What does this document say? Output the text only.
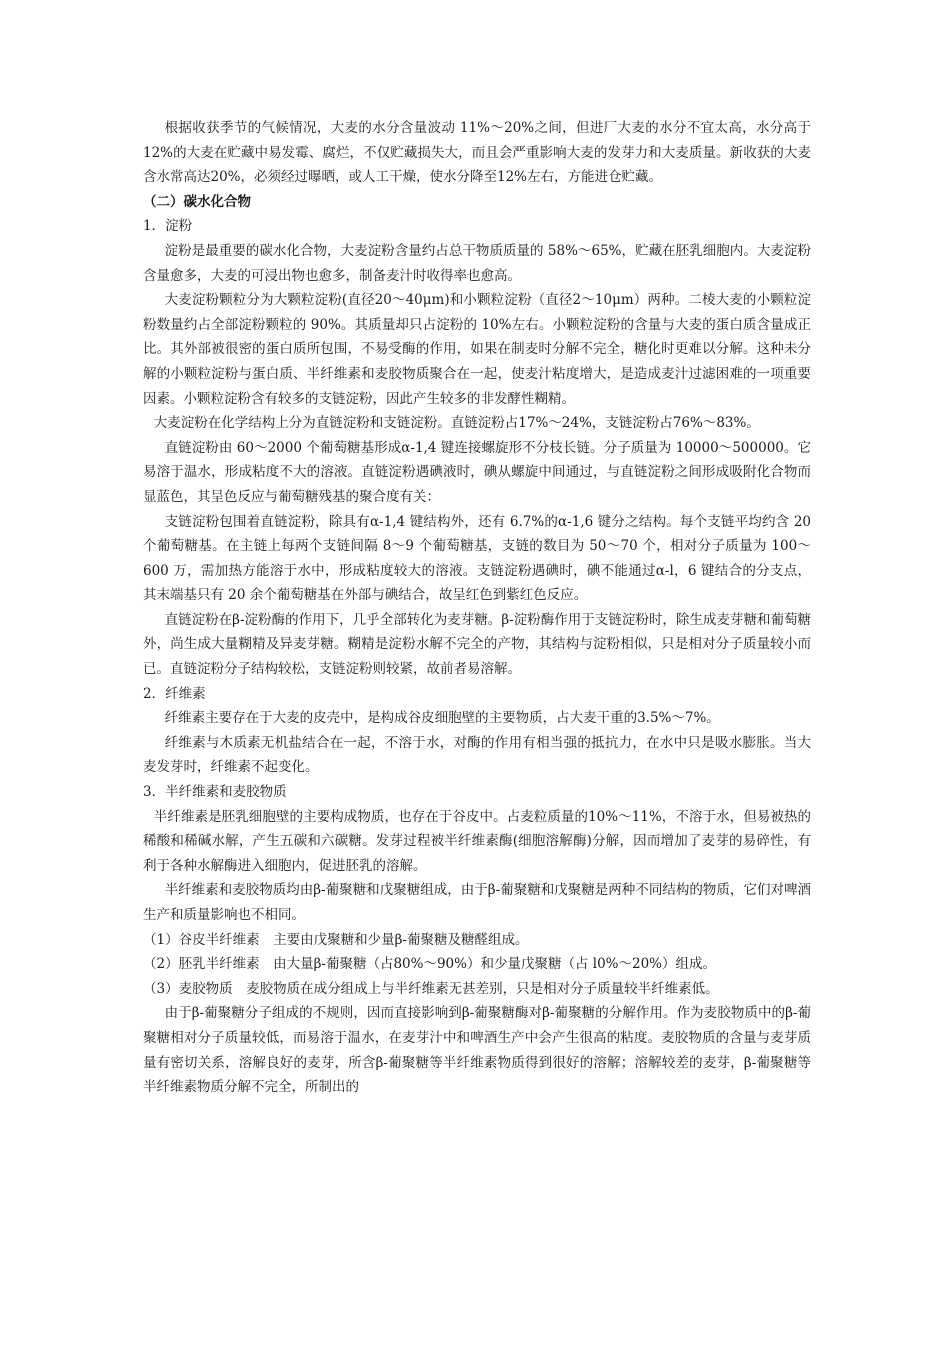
根据收获季节的气候情况，大麦的水分含量波动 11%～20%之间，但进厂大麦的水分不宜太高，水分高于 12%的大麦在贮藏中易发霉、腐烂，不仅贮藏损失大，而且会严重影响大麦的发芽力和大麦质量。新收获的大麦含水常高达20%，必须经过曝晒，或人工干燥，使水分降至12%左右，方能进仓贮藏。

（二）碳水化合物

1．淀粉

淀粉是最重要的碳水化合物，大麦淀粉含量约占总干物质质量的 58%～65%，贮藏在胚乳细胞内。大麦淀粉含量愈多，大麦的可浸出物也愈多，制备麦汁时收得率也愈高。

大麦淀粉颗粒分为大颗粒淀粉(直径20～40μm)和小颗粒淀粉（直径2～10μm）两种。二棱大麦的小颗粒淀粉数量约占全部淀粉颗粒的 90%。其质量却只占淀粉的 10%左右。小颗粒淀粉的含量与大麦的蛋白质含量成正比。其外部被很密的蛋白质所包围，不易受酶的作用，如果在制麦时分解不完全，糖化时更难以分解。这种未分解的小颗粒淀粉与蛋白质、半纤维素和麦胶物质聚合在一起，使麦汁粘度增大，是造成麦汁过滤困难的一项重要因素。小颗粒淀粉含有较多的支链淀粉，因此产生较多的非发酵性糊精。

大麦淀粉在化学结构上分为直链淀粉和支链淀粉。直链淀粉占17%～24%，支链淀粉占76%～83%。

直链淀粉由 60～2000 个葡萄糖基形成α-1,4 键连接螺旋形不分枝长链。分子质量为 10000～500000。它易溶于温水，形成粘度不大的溶液。直链淀粉遇碘液时，碘从螺旋中间通过，与直链淀粉之间形成吸附化合物而显蓝色，其呈色反应与葡萄糖残基的聚合度有关：

支链淀粉包围着直链淀粉，除具有α-1,4 键结构外，还有 6.7%的α-1,6 键分之结构。每个支链平均约含 20 个葡萄糖基。在主链上每两个支链间隔 8～9 个葡萄糖基，支链的数目为 50～70 个，相对分子质量为 100～600 万，需加热方能溶于水中，形成粘度较大的溶液。支链淀粉遇碘时，碘不能通过α-l，6 键结合的分支点，其末端基只有 20 余个葡萄糖基在外部与碘结合，故呈红色到紫红色反应。

直链淀粉在β-淀粉酶的作用下，几乎全部转化为麦芽糖。β-淀粉酶作用于支链淀粉时，除生成麦芽糖和葡萄糖外，尚生成大量糊精及异麦芽糖。糊精是淀粉水解不完全的产物，其结构与淀粉相似，只是相对分子质量较小而已。直链淀粉分子结构较松，支链淀粉则较紧，故前者易溶解。

2．纤维素

纤维素主要存在于大麦的皮壳中，是构成谷皮细胞壁的主要物质，占大麦干重的3.5%～7%。

纤维素与木质素无机盐结合在一起，不溶于水，对酶的作用有相当强的抵抗力，在水中只是吸水膨胀。当大麦发芽时，纤维素不起变化。

3．半纤维素和麦胶物质

半纤维素是胚乳细胞壁的主要构成物质，也存在于谷皮中。占麦粒质量的10%～11%，不溶于水，但易被热的稀酸和稀碱水解，产生五碳和六碳糖。发芽过程被半纤维素酶(细胞溶解酶)分解，因而增加了麦芽的易碎性，有利于各种水解酶进入细胞内，促进胚乳的溶解。

半纤维素和麦胶物质均由β-葡聚糖和戊聚糖组成，由于β-葡聚糖和戊聚糖是两种不同结构的物质，它们对啤酒生产和质量影响也不相同。

（1）谷皮半纤维素　主要由戊聚糖和少量β-葡聚糖及糖醛组成。

（2）胚乳半纤维素　由大量β-葡聚糖（占80%～90%）和少量戊聚糖（占 l0%～20%）组成。

（3）麦胶物质　麦胶物质在成分组成上与半纤维素无甚差别，只是相对分子质量较半纤维素低。

由于β-葡聚糖分子组成的不规则，因而直接影响到β-葡聚糖酶对β-葡聚糖的分解作用。作为麦胶物质中的β-葡聚糖相对分子质量较低，而易溶于温水，在麦芽汁中和啤酒生产中会产生很高的粘度。麦胶物质的含量与麦芽质量有密切关系，溶解良好的麦芽，所含β-葡聚糖等半纤维素物质得到很好的溶解；溶解较差的麦芽，β-葡聚糖等半纤维素物质分解不完全，所制出的
